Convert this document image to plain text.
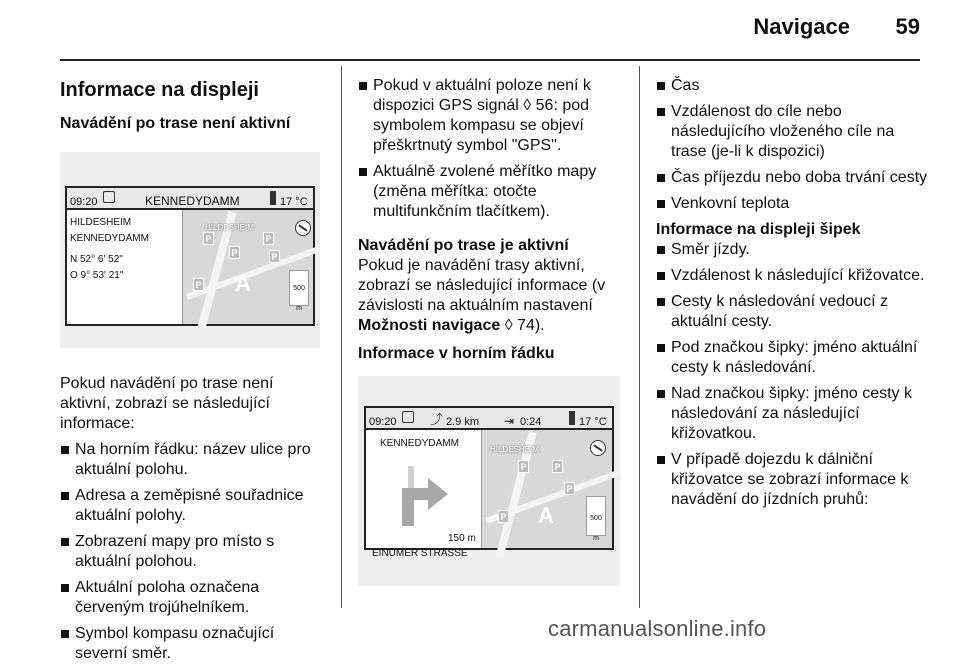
Navigace	59
Informace na displeji
Navádění po trase není aktivní
09:20	KENNEDYDAMM	17 °C
HILDESHEIM
KENNEDYDAMM
N 52° 6' 52"
O 9° 53' 21"
HILDESHEIM
P
P
P
P
P A	500
m

Pokud navádění po trase není aktivní, zobrazí se následující informace:

Na horním řádku: název ulice pro aktuální polohu.
Adresa a zeměpisné souřadnice aktuální polohy.
Zobrazení mapy pro místo s aktuální polohou.
Aktuální poloha označena červeným trojúhelníkem.
Symbol kompasu označující severní směr.
Pokud v aktuální poloze není k dispozici GPS signál ◊ 56: pod symbolem kompasu se objeví přeškrtnutý symbol "GPS".
Aktuálně zvolené měřítko mapy (změna měřítka: otočte multifunkčním tlačítkem).
Navádění po trase je aktivní

Pokud je navádění trasy aktivní, zobrazí se následující informace (v závislosti na aktuálním nastavení Možnosti navigace ◊ 74).

Informace v horním řádku
09:20	⤴ 2.9 km ⇥ 0:24	17 °C
KENNEDYDAMM
150 m
EINUMER STRASSE
HILDESHEIM
P	P
P
P A	500
m
Čas
Vzdálenost do cíle nebo následujícího vloženého cíle na trase (je-li k dispozici)
Čas příjezdu nebo doba trvání cesty
Venkovní teplota
Informace na displeji šipek
Směr jízdy.
Vzdálenost k následující křižovatce.
Cesty k následování vedoucí z aktuální cesty.
Pod značkou šipky: jméno aktuální cesty k následování.
Nad značkou šipky: jméno cesty k následování za následující křižovatkou.
V případě dojezdu k dálniční křižovatce se zobrazí informace k navádění do jízdních pruhů:
carmanualsonline.info
